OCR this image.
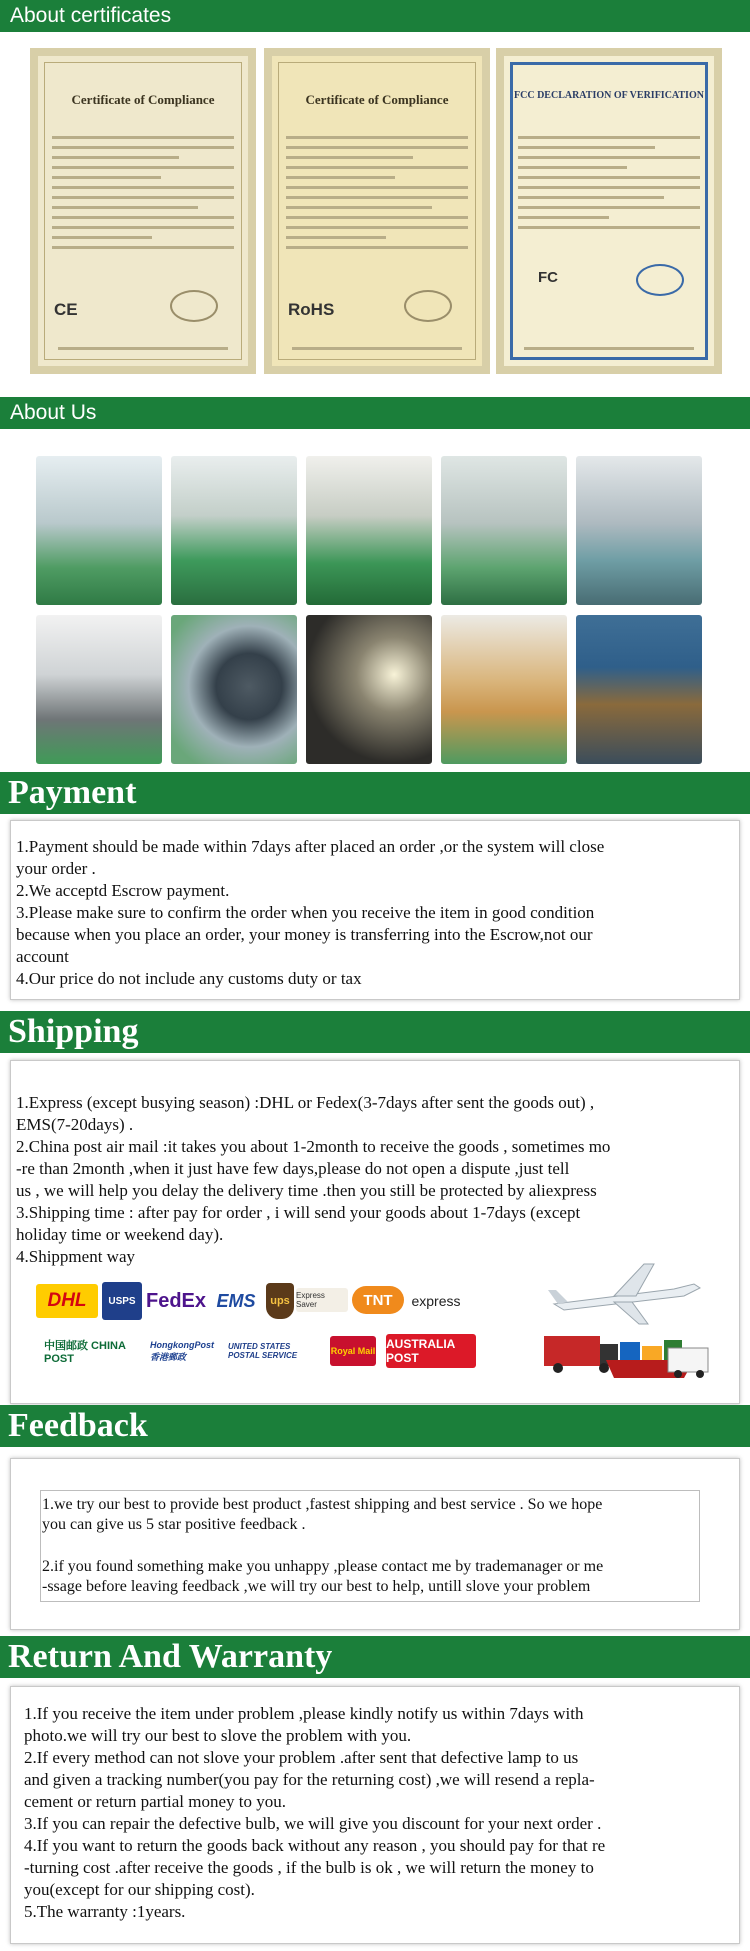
About certificates
Certificate of Compliance
CE
Certificate of Compliance
RoHS
FCC DECLARATION OF VERIFICATION
FC
About Us
Payment
1.Payment should be made within 7days after placed an order ,or the system will close
your order .
2.We acceptd Escrow payment.
3.Please make sure to confirm the order when you receive the item in good condition
because when you place an order, your money is transferring into the Escrow,not our
account
4.Our price do not include any customs duty or tax
Shipping
1.Express (except busying season) :DHL or Fedex(3-7days after sent the goods out) ,
EMS(7-20days) .
2.China post air mail :it takes you about 1-2month to receive the goods , sometimes mo
-re than 2month ,when it just have few days,please do not open a dispute ,just tell
us , we will help you delay the delivery time .then you still be protected by aliexpress
3.Shipping time : after pay for order , i will send your goods about 1-7days (except
holiday time or weekend day).
4.Shippment way
DHL	USPS FedEx EMS	ups Express Saver	TNT	express
中国邮政 CHINA POST
HongkongPost 香港郵政
UNITED STATES POSTAL SERVICE	Royal Mail AUSTRALIA POST
Feedback
1.we try our best to provide best product ,fastest shipping and best service . So we hope
you can give us 5 star positive feedback .
2.if you found something make you unhappy ,please contact me by trademanager or me
-ssage before leaving feedback ,we will try our best to help, untill slove your problem
Return And Warranty
1.If you receive the item under problem ,please kindly notify us within 7days with
photo.we will try our best to slove the problem with you.
2.If every method can not slove your problem .after sent that defective lamp to us
and given a tracking number(you pay for the returning cost) ,we will resend a repla-
cement or return partial money to you.
3.If you can repair the defective bulb, we will give you discount for your next order .
4.If you want to return the goods back without any reason , you should pay for that re
-turning cost .after receive the goods , if the bulb is ok , we will return the money to
you(except for our shipping cost).
5.The warranty :1years.
